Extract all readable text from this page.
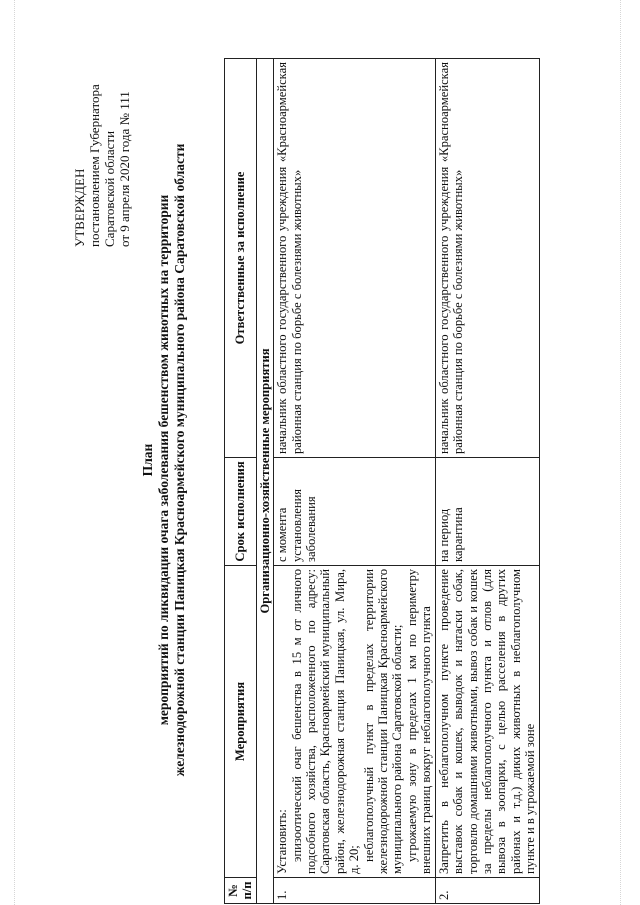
УТВЕРЖДЕН постановлением Губернатора Саратовской области от 9 апреля 2020 года № 111
План мероприятий по ликвидации очага заболевания бешенством животных на территории железнодорожной станции Паницкая Красноармейского муниципального района Саратовской области
№ п/п	Мероприятия	Срок исполнения	Ответственные за исполнение
Организационно-хозяйственные мероприятия			
1.	Установить: эпизоотический очаг бешенства в 15 м от личного подсобного хозяйства, расположенного по адресу: Саратовская область, Красноармейский муниципальный район, железнодорожная станция Паницкая, ул. Мира, д. 20; неблагополучный пункт в пределах территории железнодорожной станции Паницкая Красноармейского муниципального района Саратовской области; угрожаемую зону в пределах 1 км по периметру внешних границ вокруг неблагополучного пункта	с момента установления заболевания	начальник областного государственного учреждения «Красноармейская районная станция по борьбе с болезнями животных»
2.	Запретить в неблагополучном пункте проведение выставок собак и кошек, выводок и натаски собак, торговлю домашними животными, вывоз собак и кошек за пределы неблагополучного пункта и отлов (для вывоза в зоопарки, с целью расселения в других районах и т.д.) диких животных в неблагополучном пункте и в угрожаемой зоне	на период карантина	начальник областного государственного учреждения «Красноармейская районная станция по борьбе с болезнями животных»
